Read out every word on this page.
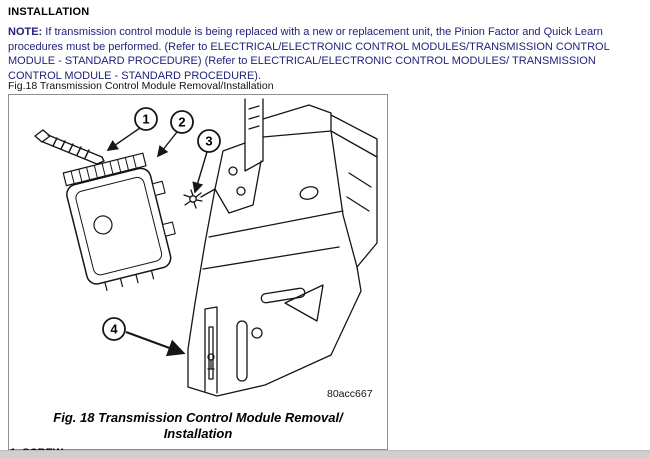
INSTALLATION

NOTE: If transmission control module is being replaced with a new or replacement unit, the Pinion Factor and Quick Learn procedures must be performed. (Refer to ELECTRICAL/ELECTRONIC CONTROL MODULES/TRANSMISSION CONTROL MODULE - STANDARD PROCEDURE) (Refer to ELECTRICAL/ELECTRONIC CONTROL MODULES/ TRANSMISSION CONTROL MODULE - STANDARD PROCEDURE).

Fig.18 Transmission Control Module Removal/Installation
1 2
3
4
80acc667
Fig. 18 Transmission Control Module Removal/
Installation
